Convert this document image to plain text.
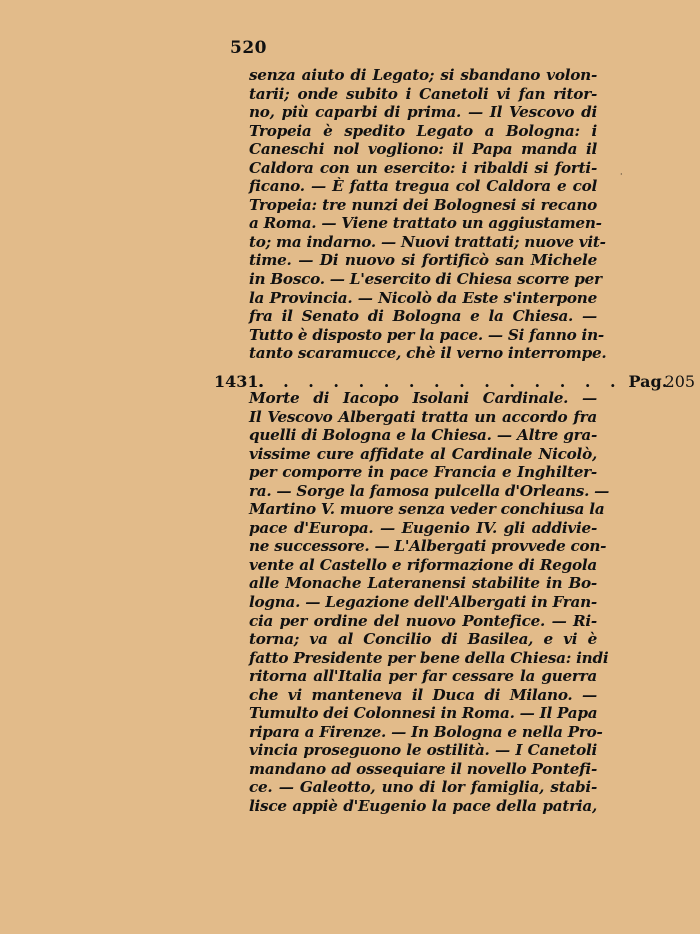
520
·
senza aiuto di Legato; si sbandano volon-
tarii; onde subito i Canetoli vi fan ritor-
no, più caparbi di prima. — Il Vescovo di
Tropeia è spedito Legato a Bologna: i
Caneschi nol vogliono: il Papa manda il
Caldora con un esercito: i ribaldi si forti-
ficano. — È fatta tregua col Caldora e col
Tropeia: tre nunzi dei Bolognesi si recano
a Roma. — Viene trattato un aggiustamen-
to; ma indarno. — Nuovi trattati; nuove vit-
time. — Di nuovo si fortificò san Michele
in Bosco. — L'esercito di Chiesa scorre per
la Provincia. — Nicolò da Este s'interpone
fra il Senato di Bologna e la Chiesa. —
Tutto è disposto per la pace. — Si fanno in-
tanto scaramucce, chè il verno interrompe.
1431.
. . . . . . . . . . . . . . . Pag.
205
Morte di Iacopo Isolani Cardinale. —
Il Vescovo Albergati tratta un accordo fra
quelli di Bologna e la Chiesa. — Altre gra-
vissime cure affidate al Cardinale Nicolò,
per comporre in pace Francia e Inghilter-
ra. — Sorge la famosa pulcella d'Orleans. —
Martino V. muore senza veder conchiusa la
pace d'Europa. — Eugenio IV. gli addivie-
ne successore. — L'Albergati provvede con-
vente al Castello e riformazione di Regola
alle Monache Lateranensi stabilite in Bo-
logna. — Legazione dell'Albergati in Fran-
cia per ordine del nuovo Pontefice. — Ri-
torna; va al Concilio di Basilea, e vi è
fatto Presidente per bene della Chiesa: indi
ritorna all'Italia per far cessare la guerra
che vi manteneva il Duca di Milano. —
Tumulto dei Colonnesi in Roma. — Il Papa
ripara a Firenze. — In Bologna e nella Pro-
vincia proseguono le ostilità. — I Canetoli
mandano ad ossequiare il novello Pontefi-
ce. — Galeotto, uno di lor famiglia, stabi-
lisce appiè d'Eugenio la pace della patria,
